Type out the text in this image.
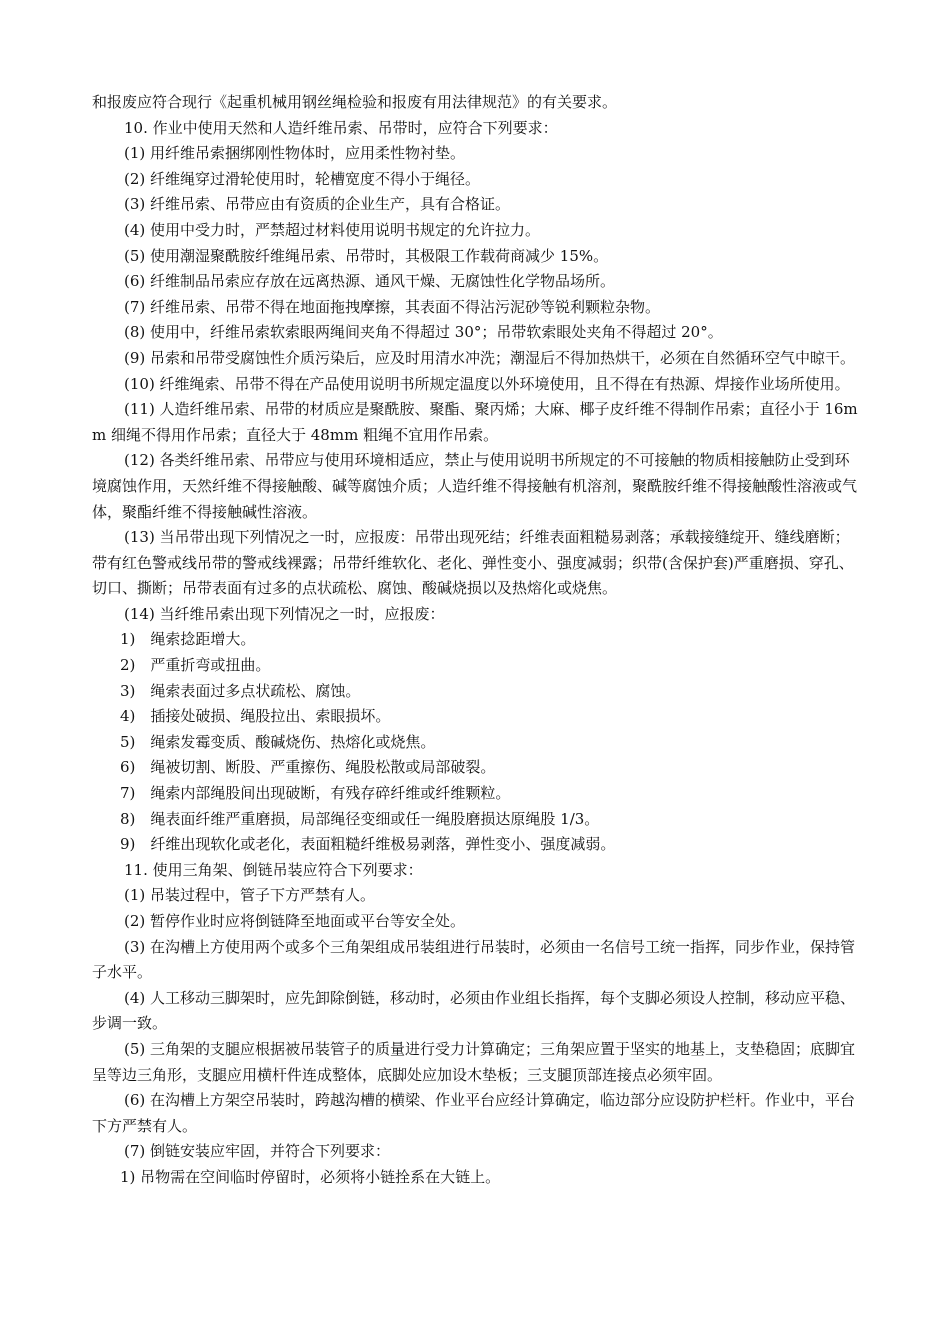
和报废应符合现行《起重机械用钢丝绳检验和报废有用法律规范》的有关要求。

10. 作业中使用天然和人造纤维吊索、吊带时，应符合下列要求：

(1) 用纤维吊索捆绑刚性物体时，应用柔性物衬垫。

(2) 纤维绳穿过滑轮使用时，轮槽宽度不得小于绳径。

(3) 纤维吊索、吊带应由有资质的企业生产，具有合格证。

(4) 使用中受力时，严禁超过材料使用说明书规定的允许拉力。

(5) 使用潮湿聚酰胺纤维绳吊索、吊带时，其极限工作载荷商减少 15%。

(6) 纤维制品吊索应存放在远离热源、通风干燥、无腐蚀性化学物品场所。

(7) 纤维吊索、吊带不得在地面拖拽摩擦，其表面不得沾污泥砂等锐利颗粒杂物。

(8) 使用中，纤维吊索软索眼两绳间夹角不得超过 30°；吊带软索眼处夹角不得超过 20°。

(9) 吊索和吊带受腐蚀性介质污染后，应及时用清水冲洗；潮湿后不得加热烘干，必须在自然循环空气中晾干。

(10) 纤维绳索、吊带不得在产品使用说明书所规定温度以外环境使用，且不得在有热源、焊接作业场所使用。

(11) 人造纤维吊索、吊带的材质应是聚酰胺、聚酯、聚丙烯；大麻、椰子皮纤维不得制作吊索；直径小于 16mm 细绳不得用作吊索；直径大于 48mm 粗绳不宜用作吊索。

(12) 各类纤维吊索、吊带应与使用环境相适应，禁止与使用说明书所规定的不可接触的物质相接触防止受到环境腐蚀作用，天然纤维不得接触酸、碱等腐蚀介质；人造纤维不得接触有机溶剂，聚酰胺纤维不得接触酸性溶液或气体，聚酯纤维不得接触碱性溶液。

(13) 当吊带出现下列情况之一时，应报废：吊带出现死结；纤维表面粗糙易剥落；承载接缝绽开、缝线磨断；带有红色警戒线吊带的警戒线裸露；吊带纤维软化、老化、弹性变小、强度减弱；织带(含保护套)严重磨损、穿孔、切口、撕断；吊带表面有过多的点状疏松、腐蚀、酸碱烧损以及热熔化或烧焦。

(14) 当纤维吊索出现下列情况之一时，应报废：

1)　绳索捻距增大。

2)　严重折弯或扭曲。

3)　绳索表面过多点状疏松、腐蚀。

4)　插接处破损、绳股拉出、索眼损坏。

5)　绳索发霉变质、酸碱烧伤、热熔化或烧焦。

6)　绳被切割、断股、严重擦伤、绳股松散或局部破裂。

7)　绳索内部绳股间出现破断，有残存碎纤维或纤维颗粒。

8)　绳表面纤维严重磨损，局部绳径变细或任一绳股磨损达原绳股 1/3。

9)　纤维出现软化或老化，表面粗糙纤维极易剥落，弹性变小、强度减弱。

11. 使用三角架、倒链吊装应符合下列要求：

(1) 吊装过程中，管子下方严禁有人。

(2) 暂停作业时应将倒链降至地面或平台等安全处。

(3) 在沟槽上方使用两个或多个三角架组成吊装组进行吊装时，必须由一名信号工统一指挥，同步作业，保持管子水平。

(4) 人工移动三脚架时，应先卸除倒链，移动时，必须由作业组长指挥，每个支脚必须设人控制，移动应平稳、步调一致。

(5) 三角架的支腿应根据被吊装管子的质量进行受力计算确定；三角架应置于坚实的地基上，支垫稳固；底脚宜呈等边三角形，支腿应用横杆件连成整体，底脚处应加设木垫板；三支腿顶部连接点必须牢固。

(6) 在沟槽上方架空吊装时，跨越沟槽的横梁、作业平台应经计算确定，临边部分应设防护栏杆。作业中，平台下方严禁有人。

(7) 倒链安装应牢固，并符合下列要求：

1) 吊物需在空间临时停留时，必须将小链拴系在大链上。
